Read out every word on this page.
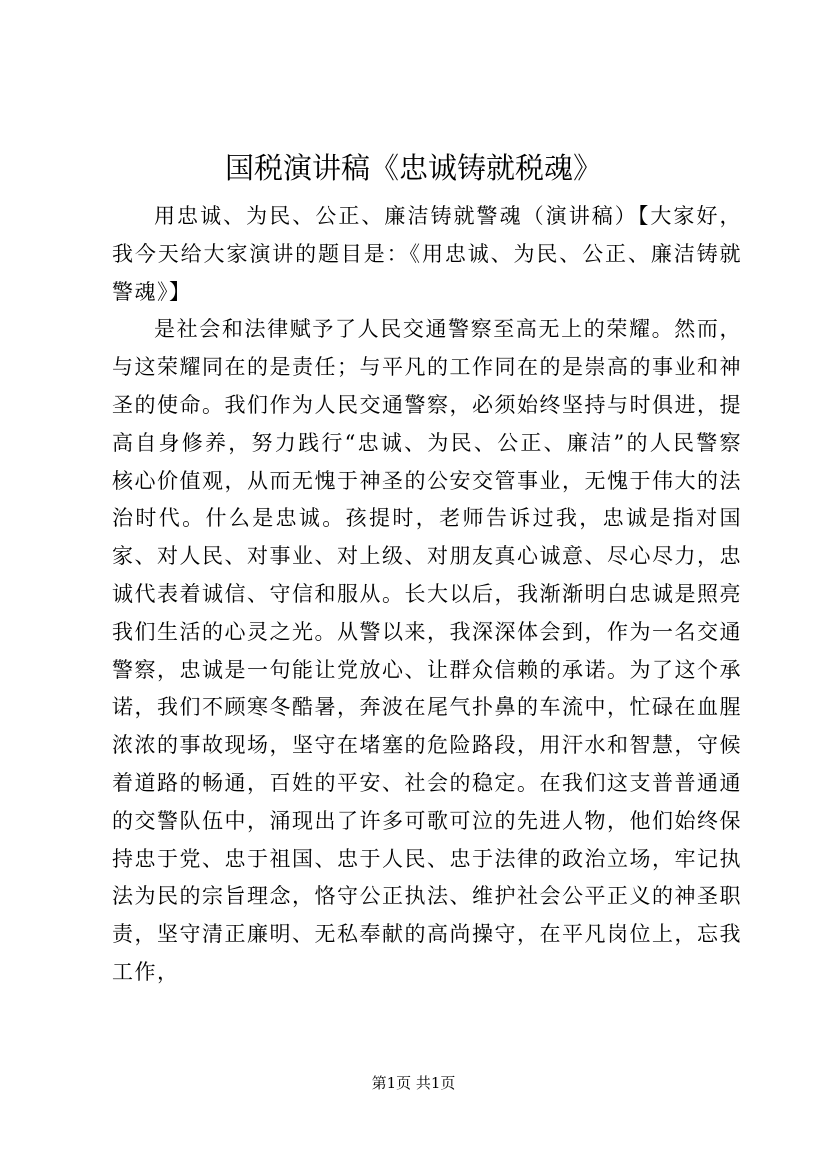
国税演讲稿《忠诚铸就税魂》

用忠诚、为民、公正、廉洁铸就警魂（演讲稿）【大家好，我今天给大家演讲的题目是：《用忠诚、为民、公正、廉洁铸就警魂》】

是社会和法律赋予了人民交通警察至高无上的荣耀。然而，与这荣耀同在的是责任；与平凡的工作同在的是崇高的事业和神圣的使命。我们作为人民交通警察，必须始终坚持与时俱进，提高自身修养，努力践行“忠诚、为民、公正、廉洁”的人民警察核心价值观，从而无愧于神圣的公安交管事业，无愧于伟大的法治时代。什么是忠诚。孩提时，老师告诉过我，忠诚是指对国家、对人民、对事业、对上级、对朋友真心诚意、尽心尽力，忠诚代表着诚信、守信和服从。长大以后，我渐渐明白忠诚是照亮我们生活的心灵之光。从警以来，我深深体会到，作为一名交通警察，忠诚是一句能让党放心、让群众信赖的承诺。为了这个承诺，我们不顾寒冬酷暑，奔波在尾气扑鼻的车流中，忙碌在血腥浓浓的事故现场，坚守在堵塞的危险路段，用汗水和智慧，守候着道路的畅通，百姓的平安、社会的稳定。在我们这支普普通通的交警队伍中，涌现出了许多可歌可泣的先进人物，他们始终保持忠于党、忠于祖国、忠于人民、忠于法律的政治立场，牢记执法为民的宗旨理念，恪守公正执法、维护社会公平正义的神圣职责，坚守清正廉明、无私奉献的高尚操守，在平凡岗位上，忘我工作，

第1页 共1页
